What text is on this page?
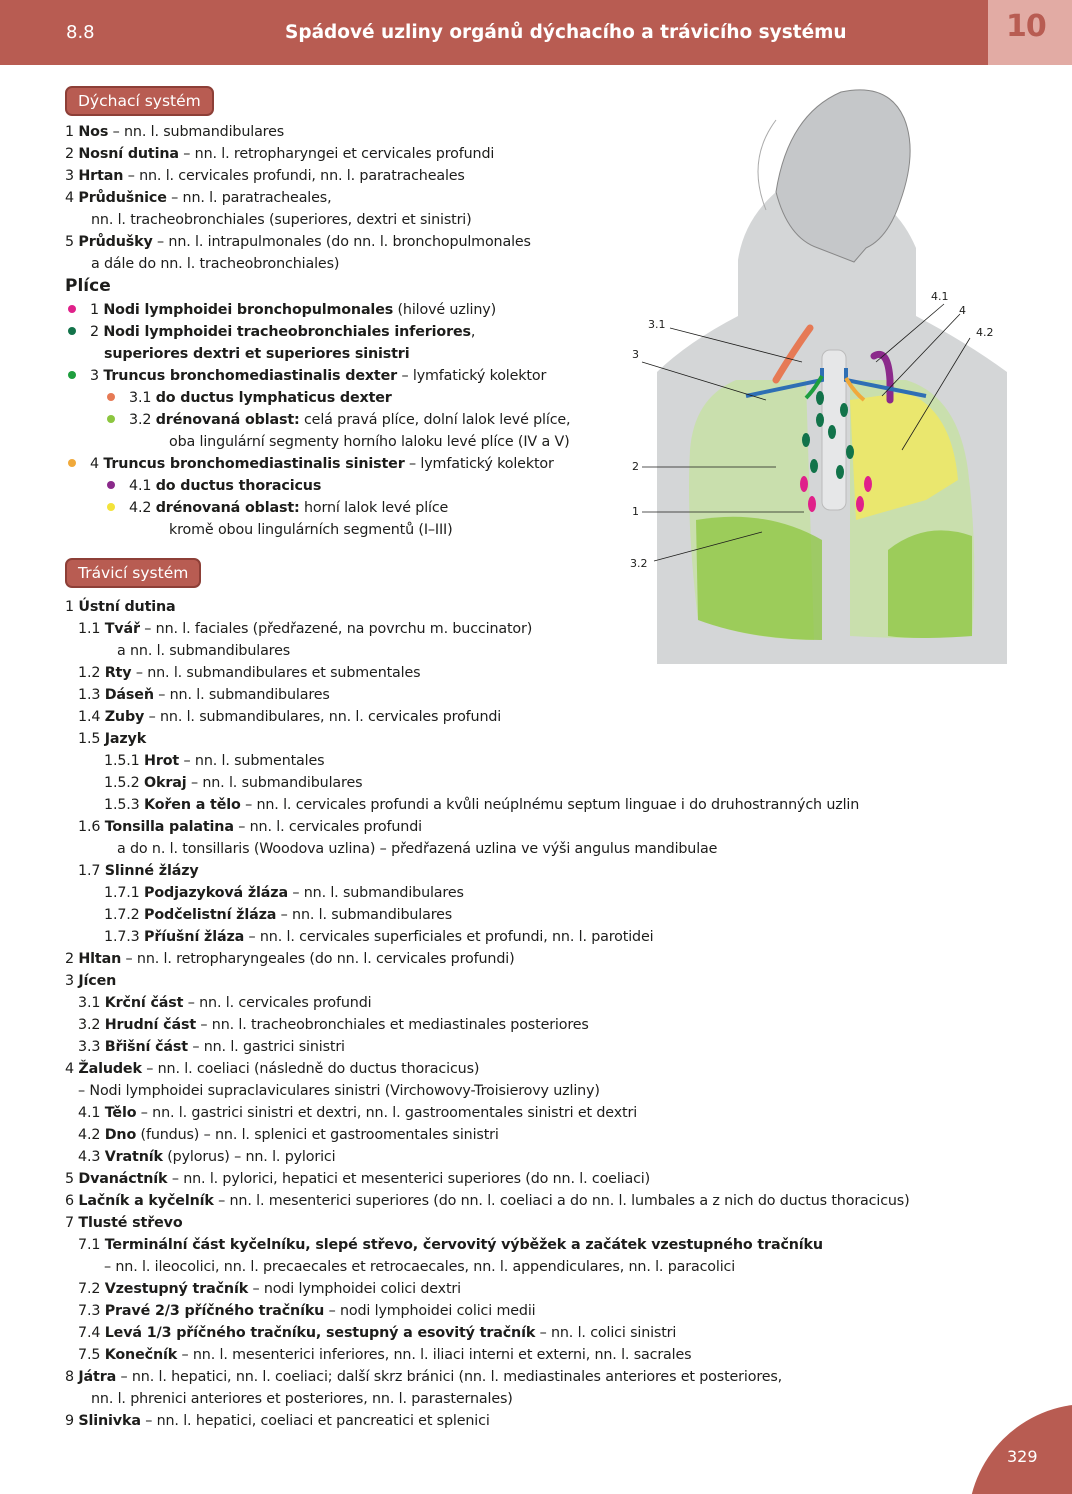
8.8	Spádové uzliny orgánů dýchacího a trávicího systému	10
Dýchací systém
1 Nos – nn. l. submandibulares
2 Nosní dutina – nn. l. retropharyngei et cervicales profundi
3 Hrtan – nn. l. cervicales profundi, nn. l. paratracheales
4 Průdušnice – nn. l. paratracheales,
nn. l. tracheobronchiales (superiores, dextri et sinistri)
5 Průdušky – nn. l. intrapulmonales (do nn. l. bronchopulmonales
a dále do nn. l. tracheobronchiales)
Plíce
1 Nodi lymphoidei bronchopulmonales (hilové uzliny)
2 Nodi lymphoidei tracheobronchiales inferiores,
superiores dextri et superiores sinistri
3 Truncus bronchomediastinalis dexter – lymfatický kolektor
3.1 do ductus lymphaticus dexter
3.2 drénovaná oblast: celá pravá plíce, dolní lalok levé plíce,
oba lingulární segmenty horního laloku levé plíce (IV a V)
4 Truncus bronchomediastinalis sinister – lymfatický kolektor
4.1 do ductus thoracicus
4.2 drénovaná oblast: horní lalok levé plíce
kromě obou lingulárních segmentů (I–III)
4.1
4
4.2
3.1
3
2
1
3.2
Trávicí systém
1 Ústní dutina
1.1 Tvář – nn. l. faciales (předřazené, na povrchu m. buccinator)
a nn. l. submandibulares
1.2 Rty – nn. l. submandibulares et submentales
1.3 Dáseň – nn. l. submandibulares
1.4 Zuby – nn. l. submandibulares, nn. l. cervicales profundi
1.5 Jazyk
1.5.1 Hrot – nn. l. submentales
1.5.2 Okraj – nn. l. submandibulares
1.5.3 Kořen a tělo – nn. l. cervicales profundi a kvůli neúplnému septum linguae i do druhostranných uzlin
1.6 Tonsilla palatina – nn. l. cervicales profundi
a do n. l. tonsillaris (Woodova uzlina) – předřazená uzlina ve výši angulus mandibulae
1.7 Slinné žlázy
1.7.1 Podjazyková žláza – nn. l. submandibulares
1.7.2 Podčelistní žláza – nn. l. submandibulares
1.7.3 Příušní žláza – nn. l. cervicales superficiales et profundi, nn. l. parotidei
2 Hltan – nn. l. retropharyngeales (do nn. l. cervicales profundi)
3 Jícen
3.1 Krční část – nn. l. cervicales profundi
3.2 Hrudní část – nn. l. tracheobronchiales et mediastinales posteriores
3.3 Břišní část – nn. l. gastrici sinistri
4 Žaludek – nn. l. coeliaci (následně do ductus thoracicus)
– Nodi lymphoidei supraclaviculares sinistri (Virchowovy-Troisierovy uzliny)
4.1 Tělo – nn. l. gastrici sinistri et dextri, nn. l. gastroomentales sinistri et dextri
4.2 Dno (fundus) – nn. l. splenici et gastroomentales sinistri
4.3 Vratník (pylorus) – nn. l. pylorici
5 Dvanáctník – nn. l. pylorici, hepatici et mesenterici superiores (do nn. l. coeliaci)
6 Lačník a kyčelník – nn. l. mesenterici superiores (do nn. l. coeliaci a do nn. l. lumbales a z nich do ductus thoracicus)
7 Tlusté střevo
7.1 Terminální část kyčelníku, slepé střevo, červovitý výběžek a začátek vzestupného tračníku
– nn. l. ileocolici, nn. l. precaecales et retrocaecales, nn. l. appendiculares, nn. l. paracolici
7.2 Vzestupný tračník – nodi lymphoidei colici dextri
7.3 Pravé 2/3 příčného tračníku – nodi lymphoidei colici medii
7.4 Levá 1/3 příčného tračníku, sestupný a esovitý tračník – nn. l. colici sinistri
7.5 Konečník – nn. l. mesenterici inferiores, nn. l. iliaci interni et externi, nn. l. sacrales
8 Játra – nn. l. hepatici, nn. l. coeliaci; další skrz bránici (nn. l. mediastinales anteriores et posteriores,
nn. l. phrenici anteriores et posteriores, nn. l. parasternales)
9 Slinivka – nn. l. hepatici, coeliaci et pancreatici et splenici
329
